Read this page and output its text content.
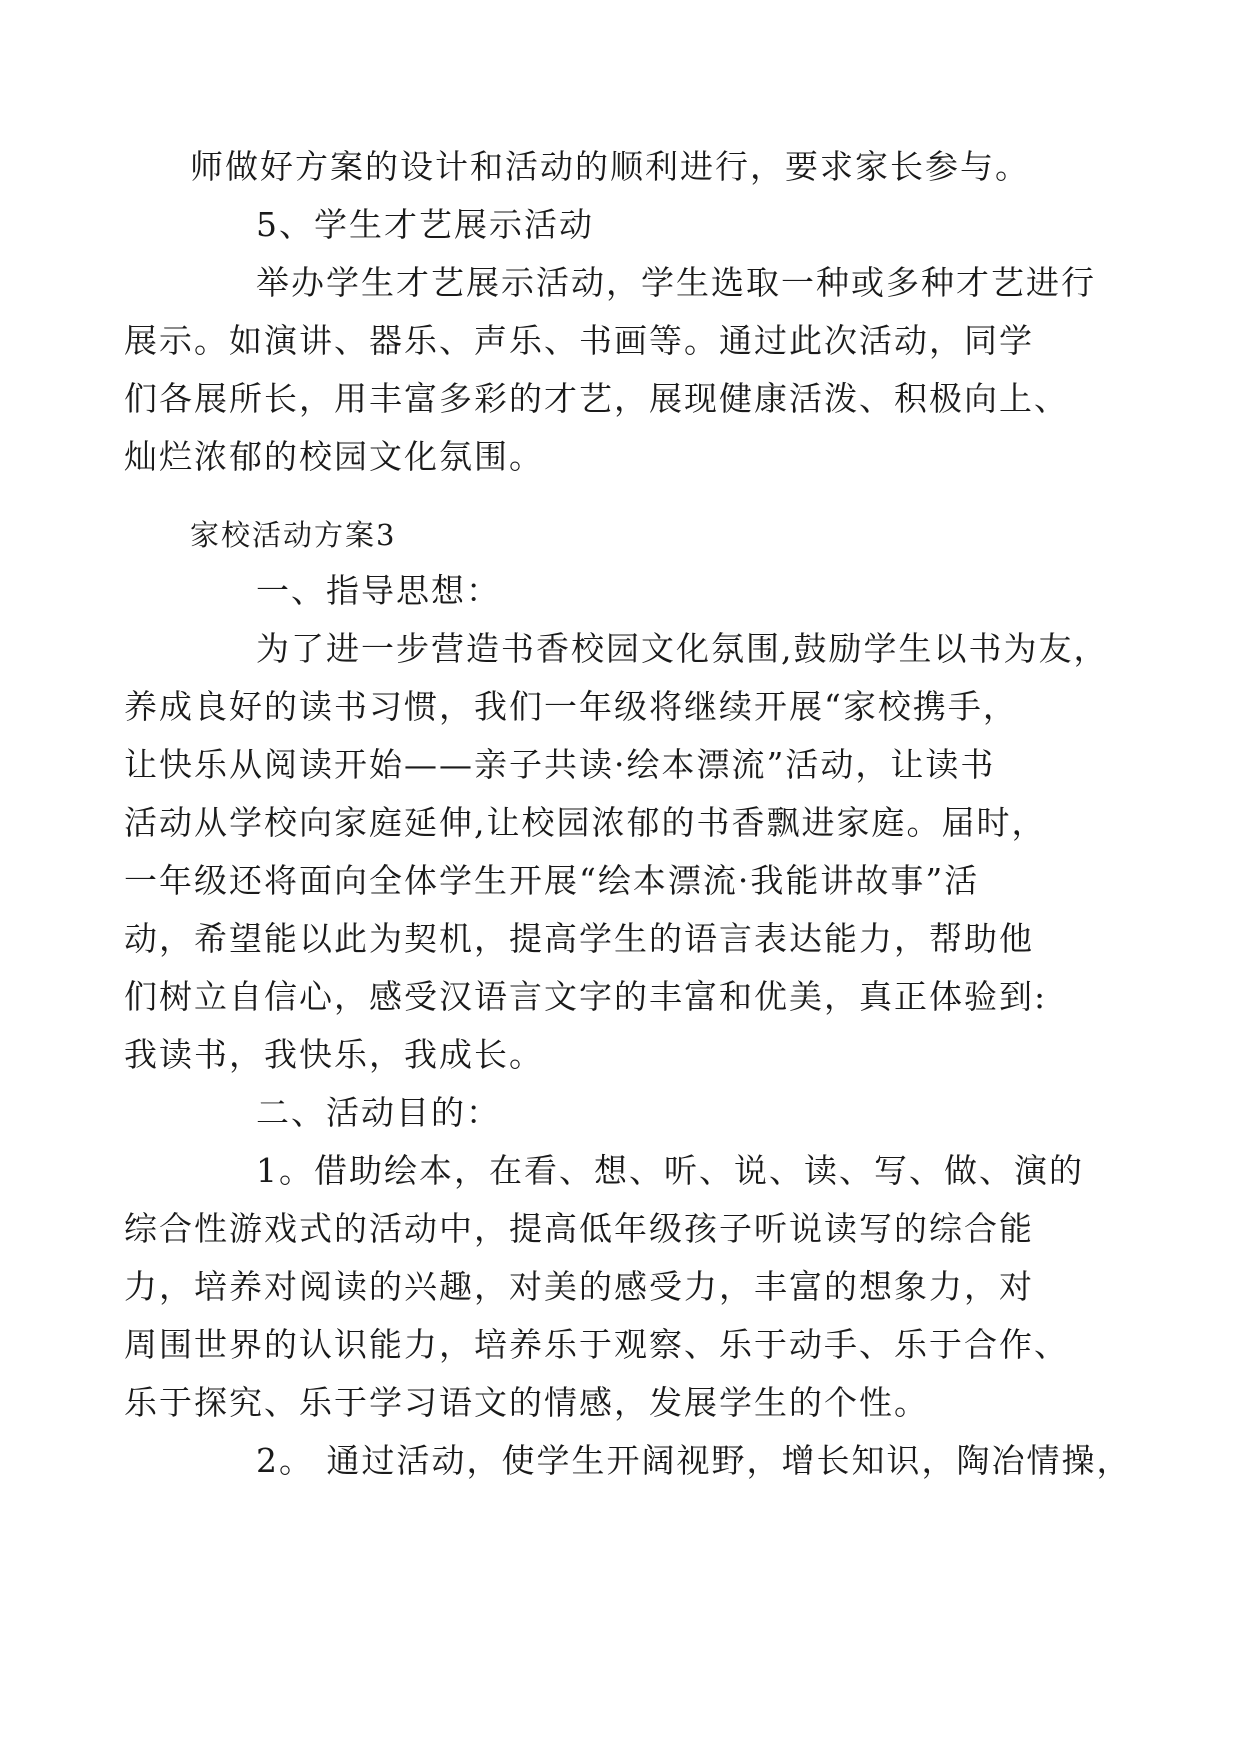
师做好方案的设计和活动的顺利进行，要求家长参与。
5、学生才艺展示活动
举办学生才艺展示活动，学生选取一种或多种才艺进行
展示。如演讲、器乐、声乐、书画等。通过此次活动，同学
们各展所长，用丰富多彩的才艺，展现健康活泼、积极向上、
灿烂浓郁的校园文化氛围。
家校活动方案3
一、指导思想：
为了进一步营造书香校园文化氛围,鼓励学生以书为友，
养成良好的读书习惯，我们一年级将继续开展“家校携手，
让快乐从阅读开始——亲子共读·绘本漂流”活动，让读书
活动从学校向家庭延伸,让校园浓郁的书香飘进家庭。届时，
一年级还将面向全体学生开展“绘本漂流·我能讲故事”活
动，希望能以此为契机，提高学生的语言表达能力，帮助他
们树立自信心，感受汉语言文字的丰富和优美，真正体验到:
我读书，我快乐，我成长。
二、活动目的：
1。借助绘本，在看、想、听、说、读、写、做、演的
综合性游戏式的活动中，提高低年级孩子听说读写的综合能
力，培养对阅读的兴趣，对美的感受力，丰富的想象力，对
周围世界的认识能力，培养乐于观察、乐于动手、乐于合作、
乐于探究、乐于学习语文的情感，发展学生的个性。
2。 通过活动，使学生开阔视野，增长知识，陶冶情操，
